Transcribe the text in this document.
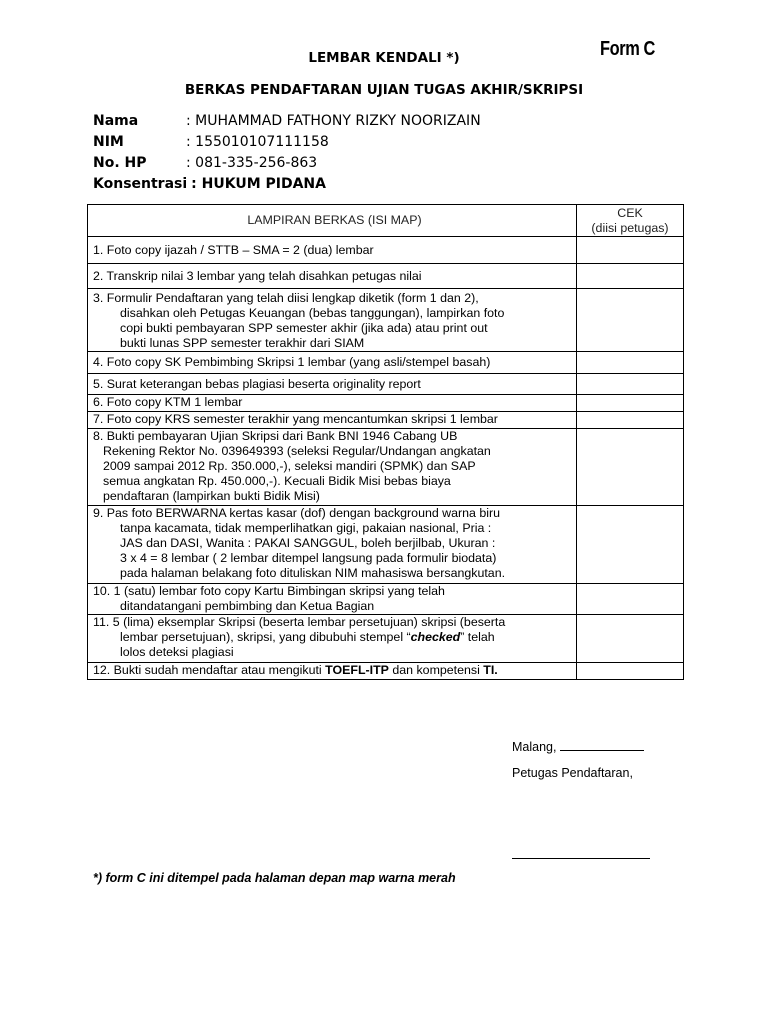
Form C
LEMBAR KENDALI *)
BERKAS PENDAFTARAN UJIAN TUGAS AKHIR/SKRIPSI
Nama	: MUHAMMAD FATHONY RIZKY NOORIZAIN
NIM	: 155010107111158
No. HP	: 081-335-256-863
Konsentrasi : HUKUM PIDANA
LAMPIRAN BERKAS (ISI MAP)	CEK
(diisi petugas)

1. Foto copy ijazah / STTB – SMA = 2 (dua) lembar	

2. Transkrip nilai 3 lembar yang telah disahkan petugas nilai	

3. Formulir Pendaftaran yang telah diisi lengkap diketik (form 1 dan 2),
disahkan oleh Petugas Keuangan (bebas tanggungan), lampirkan foto
copi bukti pembayaran SPP semester akhir (jika ada) atau print out
bukti lunas SPP semester terakhir dari SIAM	

4. Foto copy SK Pembimbing Skripsi 1 lembar (yang asli/stempel basah)	

5. Surat keterangan bebas plagiasi beserta originality report	

6. Foto copy KTM 1 lembar	

7. Foto copy KRS semester terakhir yang mencantumkan skripsi 1 lembar	

8. Bukti pembayaran Ujian Skripsi dari Bank BNI 1946 Cabang UB
Rekening Rektor No. 039649393 (seleksi Regular/Undangan angkatan
2009 sampai 2012 Rp. 350.000,-), seleksi mandiri (SPMK) dan SAP
semua angkatan Rp. 450.000,-). Kecuali Bidik Misi bebas biaya
pendaftaran (lampirkan bukti Bidik Misi)	

9. Pas foto BERWARNA kertas kasar (dof) dengan background warna biru
tanpa kacamata, tidak memperlihatkan gigi, pakaian nasional, Pria :
JAS dan DASI, Wanita : PAKAI SANGGUL, boleh berjilbab, Ukuran :
3 x 4 = 8 lembar ( 2 lembar ditempel langsung pada formulir biodata)
pada halaman belakang foto dituliskan NIM mahasiswa bersangkutan.	

10. 1 (satu) lembar foto copy Kartu Bimbingan skripsi yang telah
ditandatangani pembimbing dan Ketua Bagian	

11. 5 (lima) eksemplar Skripsi (beserta lembar persetujuan) skripsi (beserta
lembar persetujuan), skripsi, yang dibubuhi stempel “checked” telah
lolos deteksi plagiasi	

12. Bukti sudah mendaftar atau mengikuti TOEFL-ITP dan kompetensi TI.	

Malang,
Petugas Pendaftaran,
*) form C ini ditempel pada halaman depan map warna merah
